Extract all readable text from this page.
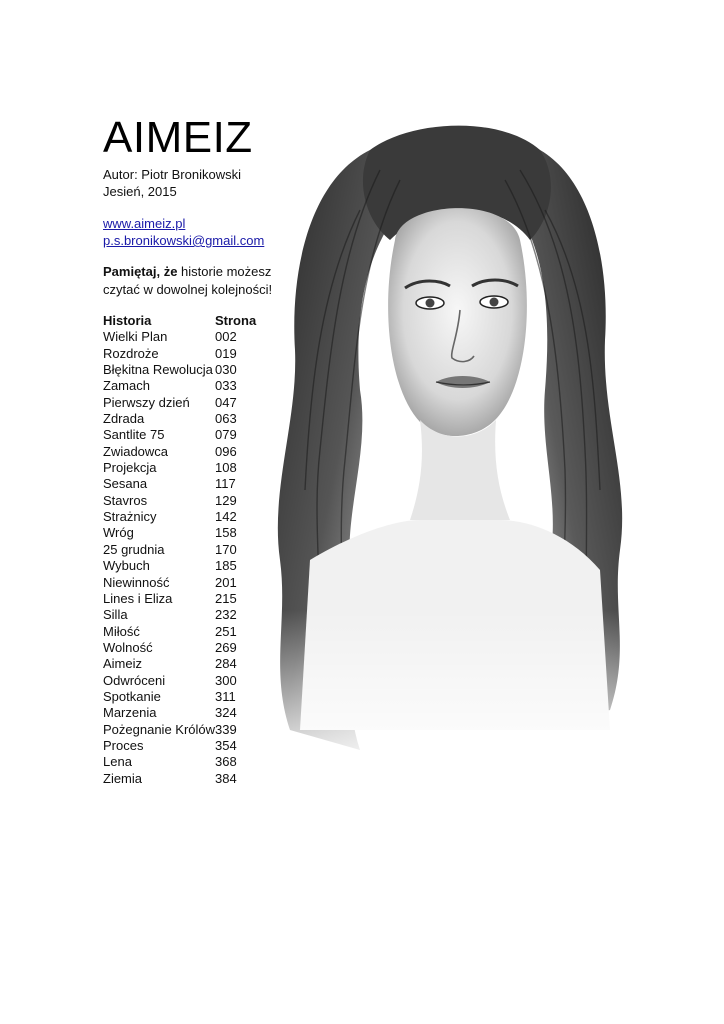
AIMEIZ
Autor: Piotr Bronikowski
Jesień, 2015
www.aimeiz.pl
p.s.bronikowski@gmail.com
Pamiętaj, że historie możesz czytać w dowolnej kolejności!
Historia	Strona
Wielki Plan	002
Rozdroże	019
Błękitna Rewolucja 030
Zamach	033
Pierwszy dzień	047
Zdrada	063
Santlite 75	079
Zwiadowca	096
Projekcja	108
Sesana	117
Stavros	129
Strażnicy	142
Wróg	158
25 grudnia	170
Wybuch	185
Niewinność	201
Lines i Eliza	215
Silla	232
Miłość	251
Wolność	269
Aimeiz	284
Odwróceni	300
Spotkanie	311
Marzenia	324
Pożegnanie Królów 339
Proces	354
Lena	368
Ziemia	384
